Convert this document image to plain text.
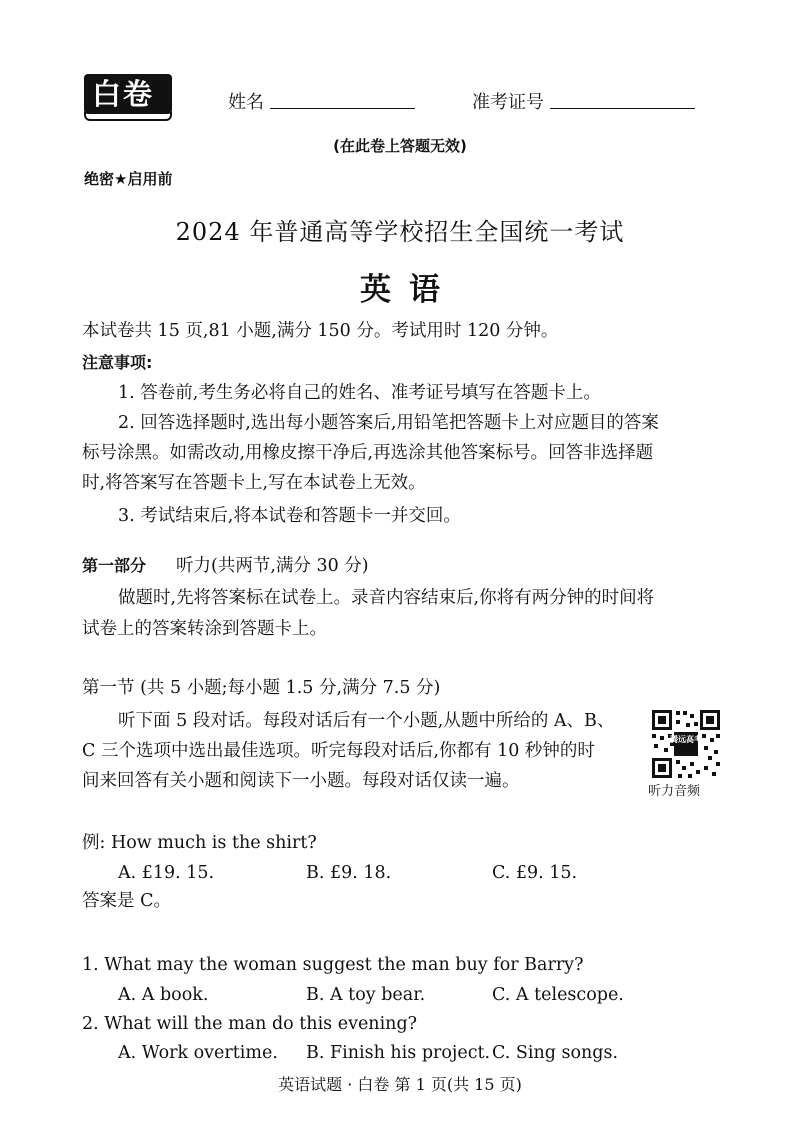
白卷	姓名	准考证号
(在此卷上答题无效)
绝密★启用前
2024 年普通高等学校招生全国统一考试
英语
本试卷共 15 页,81 小题,满分 150 分。考试用时 120 分钟。
注意事项:
1. 答卷前,考生务必将自己的姓名、准考证号填写在答题卡上。
2. 回答选择题时,选出每小题答案后,用铅笔把答题卡上对应题目的答案
标号涂黑。如需改动,用橡皮擦干净后,再选涂其他答案标号。回答非选择题
时,将答案写在答题卡上,写在本试卷上无效。
3. 考试结束后,将本试卷和答题卡一并交回。
第一部分 听力(共两节,满分 30 分)
做题时,先将答案标在试卷上。录音内容结束后,你将有两分钟的时间将
试卷上的答案转涂到答题卡上。
第一节 (共 5 小题;每小题 1.5 分,满分 7.5 分)
听下面 5 段对话。每段对话后有一个小题,从题中所给的 A、B、
C 三个选项中选出最佳选项。听完每段对话后,你都有 10 秒钟的时
间来回答有关小题和阅读下一小题。每段对话仅读一遍。
腾远高考
听力音频
例: How much is the shirt?
A. £19. 15.	B. £9. 18.	C. £9. 15.
答案是 C。
1. What may the woman suggest the man buy for Barry?
A. A book.	B. A toy bear.	C. A telescope.
2. What will the man do this evening?
A. Work overtime. B. Finish his project. C. Sing songs.
英语试题 · 白卷 第 1 页(共 15 页)
